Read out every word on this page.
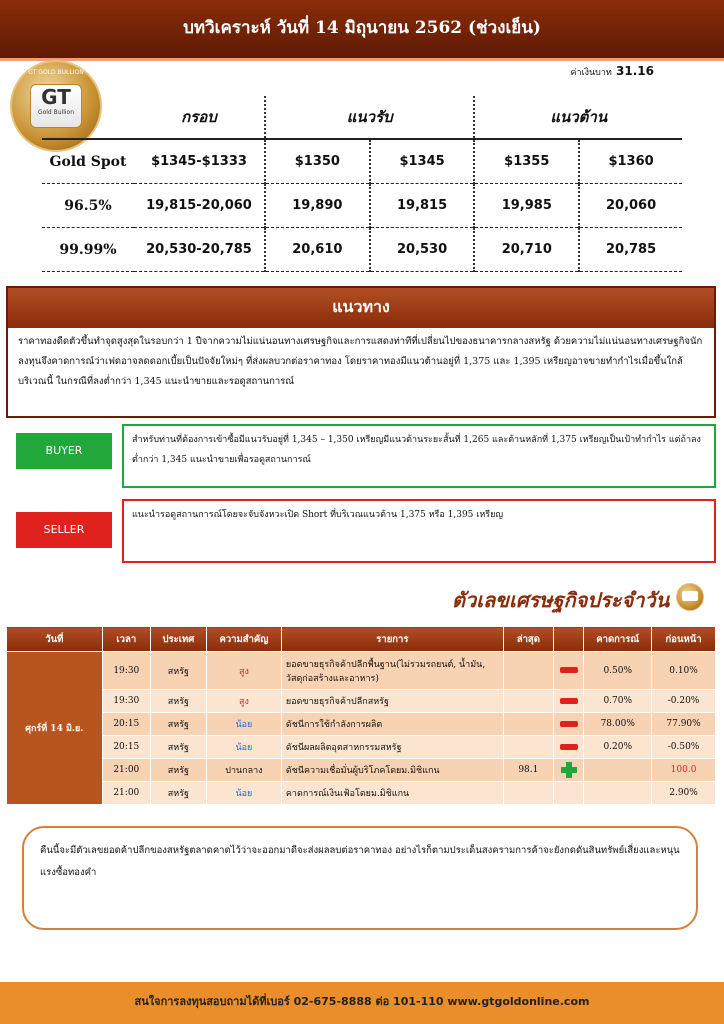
บทวิเคราะห์ วันที่ 14 มิถุนายน 2562 (ช่วงเย็น)
GT GOLD BULLION
GT
Gold Bullion
ค่าเงินบาท 31.16
	กรอบ	แนวรับ		แนวต้าน	
Gold Spot	$1345-$1333	$1350	$1345	$1355	$1360
96.5%	19,815-20,060	19,890	19,815	19,985	20,060
99.99%	20,530-20,785	20,610	20,530	20,710	20,785
แนวทาง
ราคาทองดีดตัวขึ้นทำจุดสูงสุดในรอบกว่า 1 ปีจากความไม่แน่นอนทางเศรษฐกิจและการแสดงท่าทีที่เปลี่ยนไปของธนาคารกลางสหรัฐ ด้วยความไม่แน่นอนทางเศรษฐกิจนักลงทุนจึงคาดการณ์ว่าเฟดอาจลดดอกเบี้ยเป็นปัจจัยใหม่ๆ ที่ส่งผลบวกต่อราคาทอง โดยราคาทองมีแนวต้านอยู่ที่ 1,375 และ 1,395 เหรียญอาจขายทำกำไรเมื่อขึ้นใกล้บริเวณนี้ ในกรณีที่ลงต่ำกว่า 1,345 แนะนำขายและรอดูสถานการณ์
BUYER
สำหรับท่านที่ต้องการเข้าซื้อมีแนวรับอยู่ที่ 1,345 – 1,350 เหรียญมีแนวต้านระยะสั้นที่ 1,265 และต้านหลักที่ 1,375 เหรียญเป็นเป้าทำกำไร แต่ถ้าลงต่ำกว่า 1,345 แนะนำขายเพื่อรอดูสถานการณ์
SELLER
แนะนำรอดูสถานการณ์โดยจะจับจังหวะเปิด Short ที่บริเวณแนวต้าน 1,375 หรือ 1,395 เหรียญ
ตัวเลขเศรษฐกิจประจำวัน
วันที่	เวลา	ประเทศ	ความสำคัญ	รายการ	ล่าสุด		คาดการณ์	ก่อนหน้า
ศุกร์ที่ 14 มิ.ย.	19:30	สหรัฐ	สูง	ยอดขายธุรกิจค้าปลีกพื้นฐาน(ไม่รวมรถยนต์, น้ำมัน, วัสดุก่อสร้างและอาหาร)			0.50%	0.10%
	19:30	สหรัฐ	สูง	ยอดขายธุรกิจค้าปลีกสหรัฐ			0.70%	-0.20%
	20:15	สหรัฐ	น้อย	ดัชนีการใช้กำลังการผลิต			78.00%	77.90%
	20:15	สหรัฐ	น้อย	ดัชนีผลผลิตอุตสาหกรรมสหรัฐ			0.20%	-0.50%
	21:00	สหรัฐ	ปานกลาง	ดัชนีความเชื่อมั่นผู้บริโภคโดยม.มิชิแกน	98.1			100.0
	21:00	สหรัฐ	น้อย	คาดการณ์เงินเฟ้อโดยม.มิชิแกน				2.90%
คืนนี้จะมีตัวเลขยอดค้าปลีกของสหรัฐตลาดคาดไว้ว่าจะออกมาดีจะส่งผลลบต่อราคาทอง อย่างไรก็ตามประเด็นสงครามการค้าจะยังกดดันสินทรัพย์เสี่ยงและหนุนแรงซื้อทองคำ
สนใจการลงทุนสอบถามได้ที่เบอร์ 02-675-8888 ต่อ 101-110 www.gtgoldonline.com
